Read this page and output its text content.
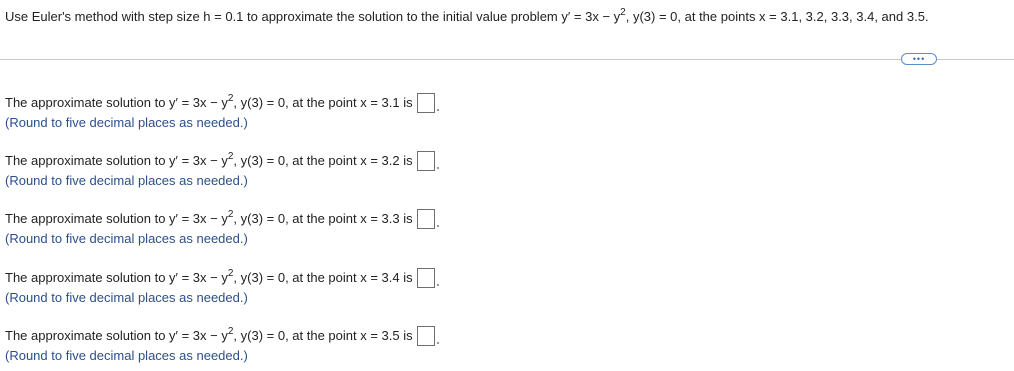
Use Euler's method with step size h = 0.1 to approximate the solution to the initial value problem $y' = 3x - y^2$, y(3) = 0, at the points x = 3.1, 3.2, 3.3, 3.4, and 3.5.
•••
The approximate solution to $y' = 3x - y^2$, y(3) = 0, at the point x = 3.1 is
(Round to five decimal places as needed.)
The approximate solution to $y' = 3x - y^2$, y(3) = 0, at the point x = 3.2 is
(Round to five decimal places as needed.)
The approximate solution to $y' = 3x - y^2$, y(3) = 0, at the point x = 3.3 is
(Round to five decimal places as needed.)
The approximate solution to $y' = 3x - y^2$, y(3) = 0, at the point x = 3.4 is
(Round to five decimal places as needed.)
The approximate solution to $y' = 3x - y^2$, y(3) = 0, at the point x = 3.5 is
(Round to five decimal places as needed.)
